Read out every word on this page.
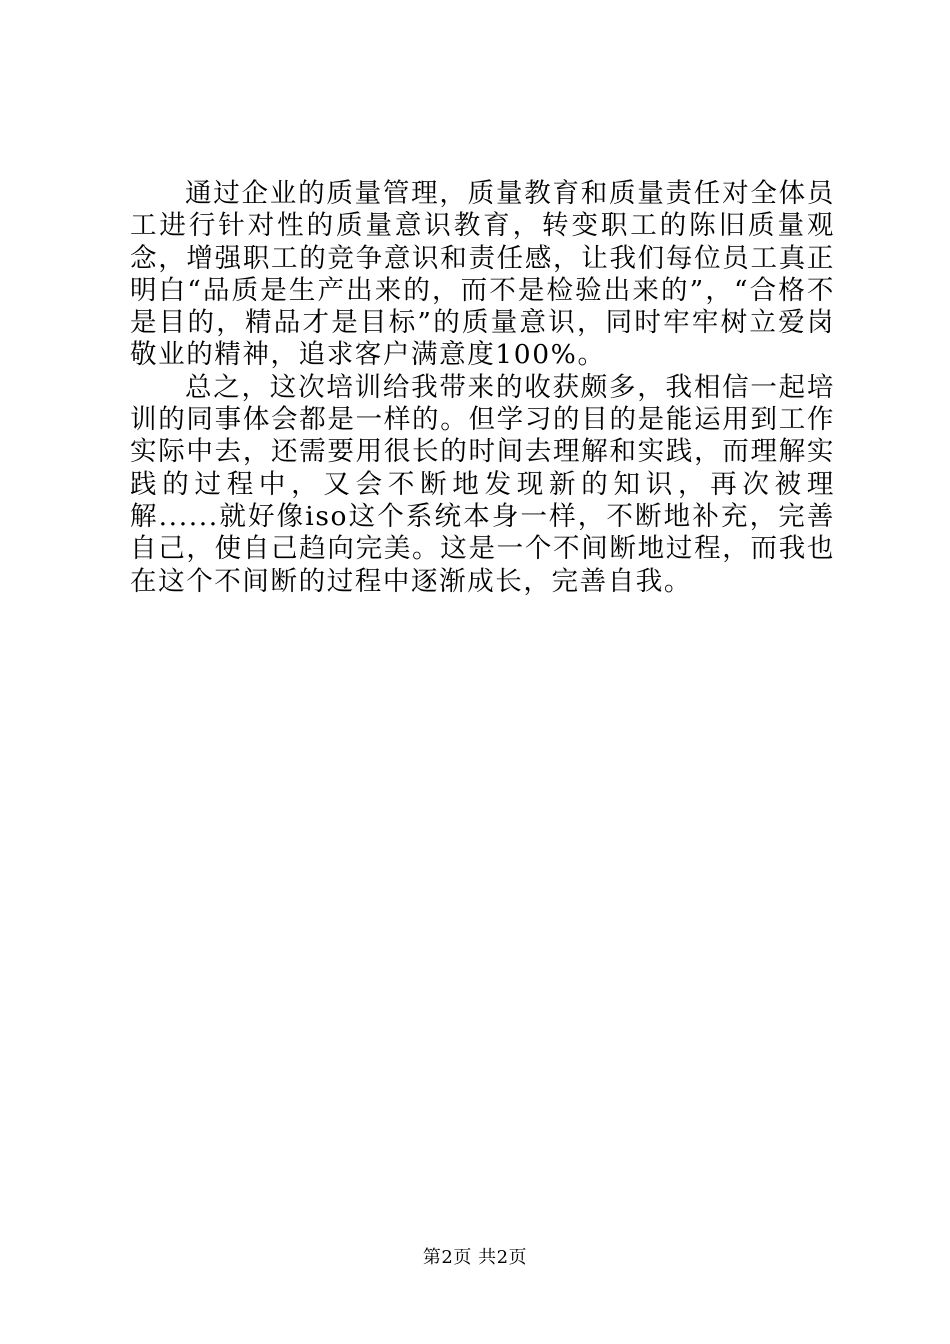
通过企业的质量管理，质量教育和质量责任对全体员工进行针对性的质量意识教育，转变职工的陈旧质量观念，增强职工的竞争意识和责任感，让我们每位员工真正明白“品质是生产出来的，而不是检验出来的”，“合格不是目的，精品才是目标”的质量意识，同时牢牢树立爱岗敬业的精神，追求客户满意度100%。

总之，这次培训给我带来的收获颇多，我相信一起培训的同事体会都是一样的。但学习的目的是能运用到工作实际中去，还需要用很长的时间去理解和实践，而理解实践的过程中，又会不断地发现新的知识，再次被理解......就好像iso这个系统本身一样，不断地补充，完善自己，使自己趋向完美。这是一个不间断地过程，而我也在这个不间断的过程中逐渐成长，完善自我。

第2页 共2页
